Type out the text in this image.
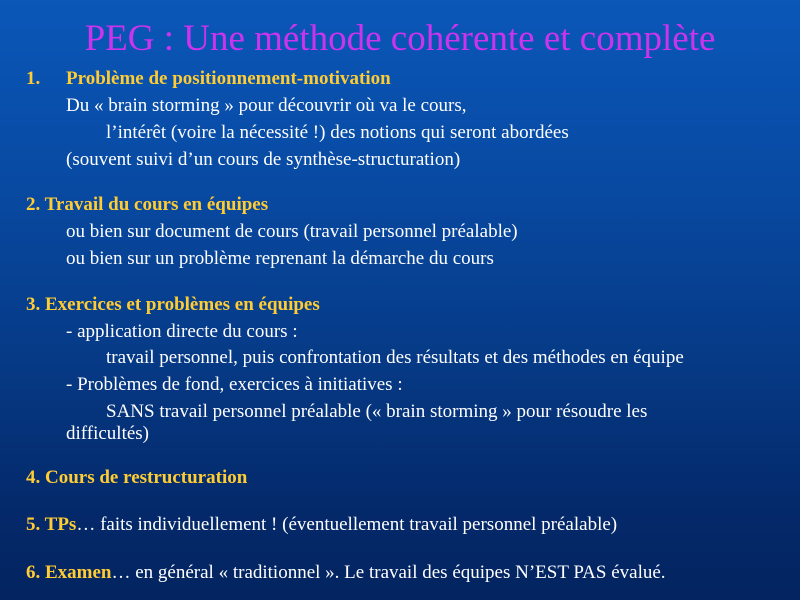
PEG : Une méthode cohérente et complète
1. Problème de positionnement-motivation
Du « brain storming » pour découvrir où va le cours,
l’intérêt (voire la nécessité !) des notions qui seront abordées
(souvent suivi d’un cours de synthèse-structuration)
2. Travail du cours en équipes
ou bien sur document de cours (travail personnel préalable)
ou bien sur un problème reprenant la démarche du cours
3. Exercices et problèmes en équipes
- application directe du cours :
travail personnel, puis confrontation des résultats et des méthodes en équipe
- Problèmes de fond, exercices à initiatives :
SANS travail personnel préalable (« brain storming » pour résoudre les
difficultés)
4. Cours de restructuration
5. TPs… faits individuellement ! (éventuellement travail personnel préalable)
6. Examen… en général « traditionnel ». Le travail des équipes N’EST PAS évalué.
